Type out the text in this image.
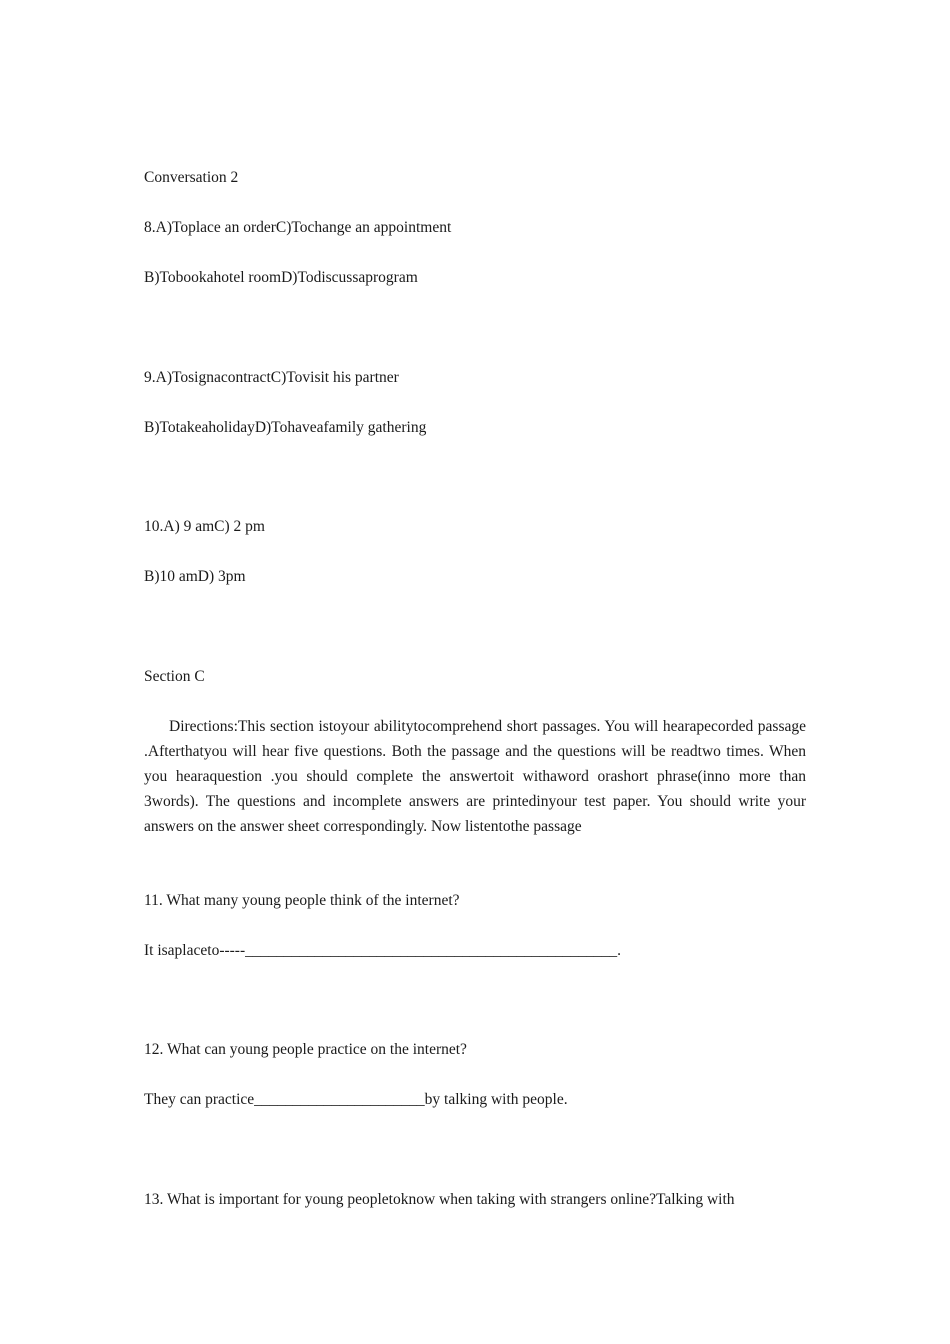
Conversation 2
8.A)Toplace an orderC)Tochange an appointment
B)Tobookahotel roomD)Todiscussaprogram
9.A)TosignacontractC)Tovisit his partner
B)TotakeaholidayD)Tohaveafamily gathering
10.A) 9 amC) 2 pm
B)10 amD) 3pm
Section C
Directions:This section istoyour abilitytocomprehend short passages. You will hearарecorded passage .Afterthatyou will hear five questions. Both the passage and the questions will be readtwo times. When you hearaquestion .you should complete the answertoit withaword orashort phrase(inno more than 3words). The questions and incomplete answers are printedinyour test paper. You should write your answers on the answer sheet correspondingly. Now listentothe passage
11. What many young people think of the internet?
It isaplaceto-----________________________________________________.
12. What can young people practice on the internet?
They can practice______________________by talking with people.
13. What is important for young peopletoknow when taking with strangers online?Talking with
